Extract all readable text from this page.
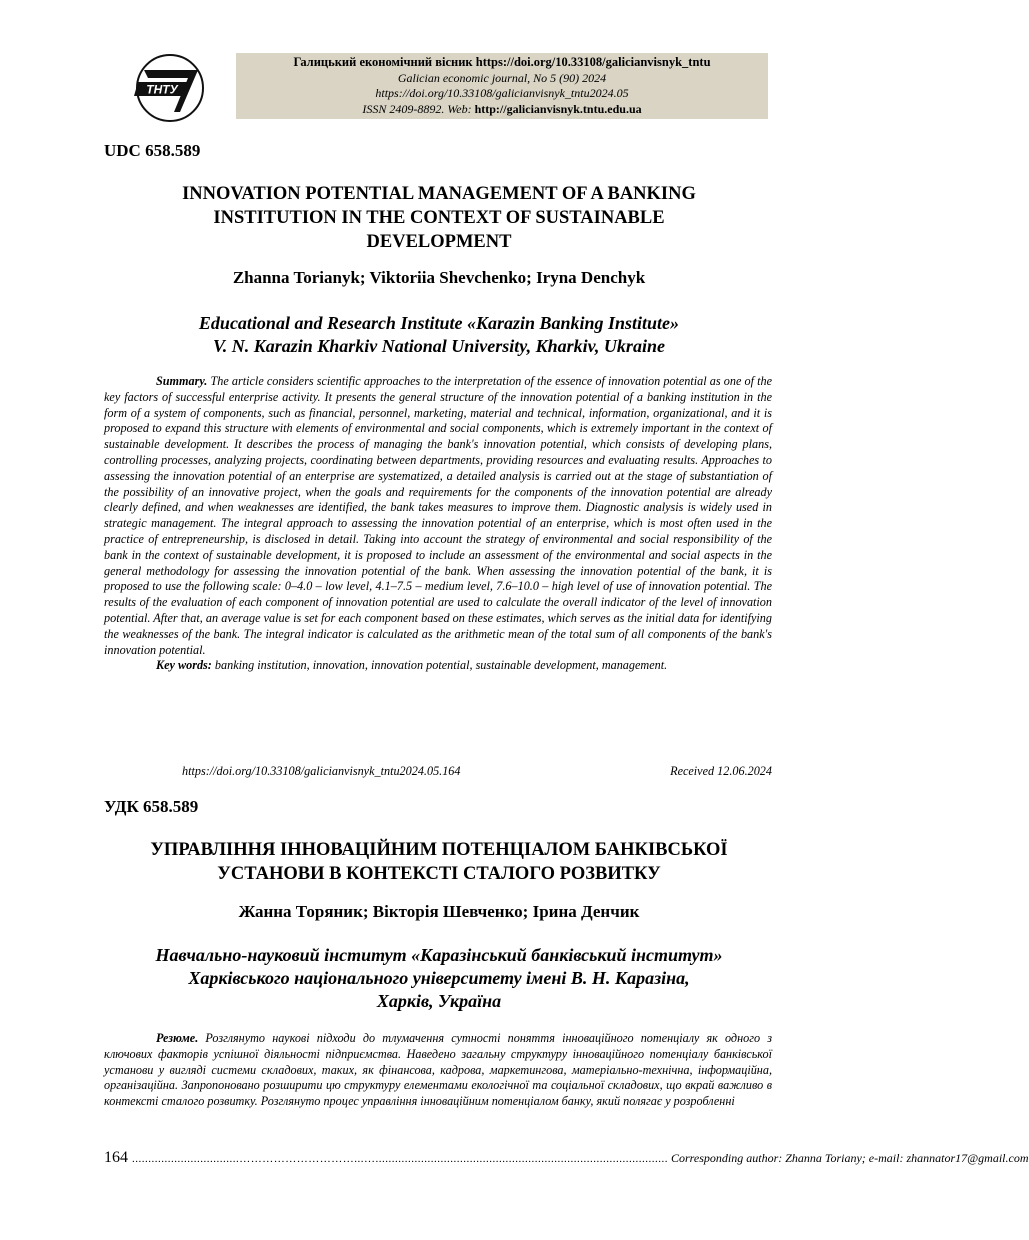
ТНТУ
Галицький економічний вісник https://doi.org/10.33108/galicianvisnyk_tntu
Galician economic journal, No 5 (90) 2024
https://doi.org/10.33108/galicianvisnyk_tntu2024.05
ISSN 2409-8892. Web: http://galicianvisnyk.tntu.edu.ua
UDC 658.589
INNOVATION POTENTIAL MANAGEMENT OF A BANKING
INSTITUTION IN THE CONTEXT OF SUSTAINABLE
DEVELOPMENT
Zhanna Torianyk; Viktoriia Shevchenko; Iryna Denchyk
Educational and Research Institute «Karazin Banking Institute»
V. N. Karazin Kharkiv National University, Kharkiv, Ukraine
Summary. The article considers scientific approaches to the interpretation of the essence of innovation potential as one of the key factors of successful enterprise activity. It presents the general structure of the innovation potential of a banking institution in the form of a system of components, such as financial, personnel, marketing, material and technical, information, organizational, and it is proposed to expand this structure with elements of environmental and social components, which is extremely important in the context of sustainable development. It describes the process of managing the bank's innovation potential, which consists of developing plans, controlling processes, analyzing projects, coordinating between departments, providing resources and evaluating results. Approaches to assessing the innovation potential of an enterprise are systematized, a detailed analysis is carried out at the stage of substantiation of the possibility of an innovative project, when the goals and requirements for the components of the innovation potential are already clearly defined, and when weaknesses are identified, the bank takes measures to improve them. Diagnostic analysis is widely used in strategic management. The integral approach to assessing the innovation potential of an enterprise, which is most often used in the practice of entrepreneurship, is disclosed in detail. Taking into account the strategy of environmental and social responsibility of the bank in the context of sustainable development, it is proposed to include an assessment of the environmental and social aspects in the general methodology for assessing the innovation potential of the bank. When assessing the innovation potential of the bank, it is proposed to use the following scale: 0–4.0 – low level, 4.1–7.5 – medium level, 7.6–10.0 – high level of use of innovation potential. The results of the evaluation of each component of innovation potential are used to calculate the overall indicator of the level of innovation potential. After that, an average value is set for each component based on these estimates, which serves as the initial data for identifying the weaknesses of the bank. The integral indicator is calculated as the arithmetic mean of the total sum of all components of the bank's innovation potential.
Key words: banking institution, innovation, innovation potential, sustainable development, management.
https://doi.org/10.33108/galicianvisnyk_tntu2024.05.164	Received 12.06.2024
УДК 658.589
УПРАВЛІННЯ ІННОВАЦІЙНИМ ПОТЕНЦІАЛОМ БАНКІВСЬКОЇ
УСТАНОВИ В КОНТЕКСТІ СТАЛОГО РОЗВИТКУ
Жанна Торяник; Вікторія Шевченко; Ірина Денчик
Навчально-науковий інститут «Каразінський банківський інститут»
Харківського національного університету імені В. Н. Каразіна,
Харків, Україна
Резюме. Розглянуто наукові підходи до тлумачення сутності поняття інноваційного потенціалу як одного з ключових факторів успішної діяльності підприємства. Наведено загальну структуру інноваційного потенціалу банківської установи у вигляді системи складових, таких, як фінансова, кадрова, маркетингова, матеріально-технічна, інформаційна, організаційна. Запропоновано розширити цю структуру елементами екологічної та соціальної складових, що вкрай важливо в контексті сталого розвитку. Розглянуто процес управління інноваційним потенціалом банку, який полягає у розробленні
164 .................................…………………………...….......................................................................................... Corresponding author: Zhanna Toriany; e-mail: zhannator17@gmail.com
